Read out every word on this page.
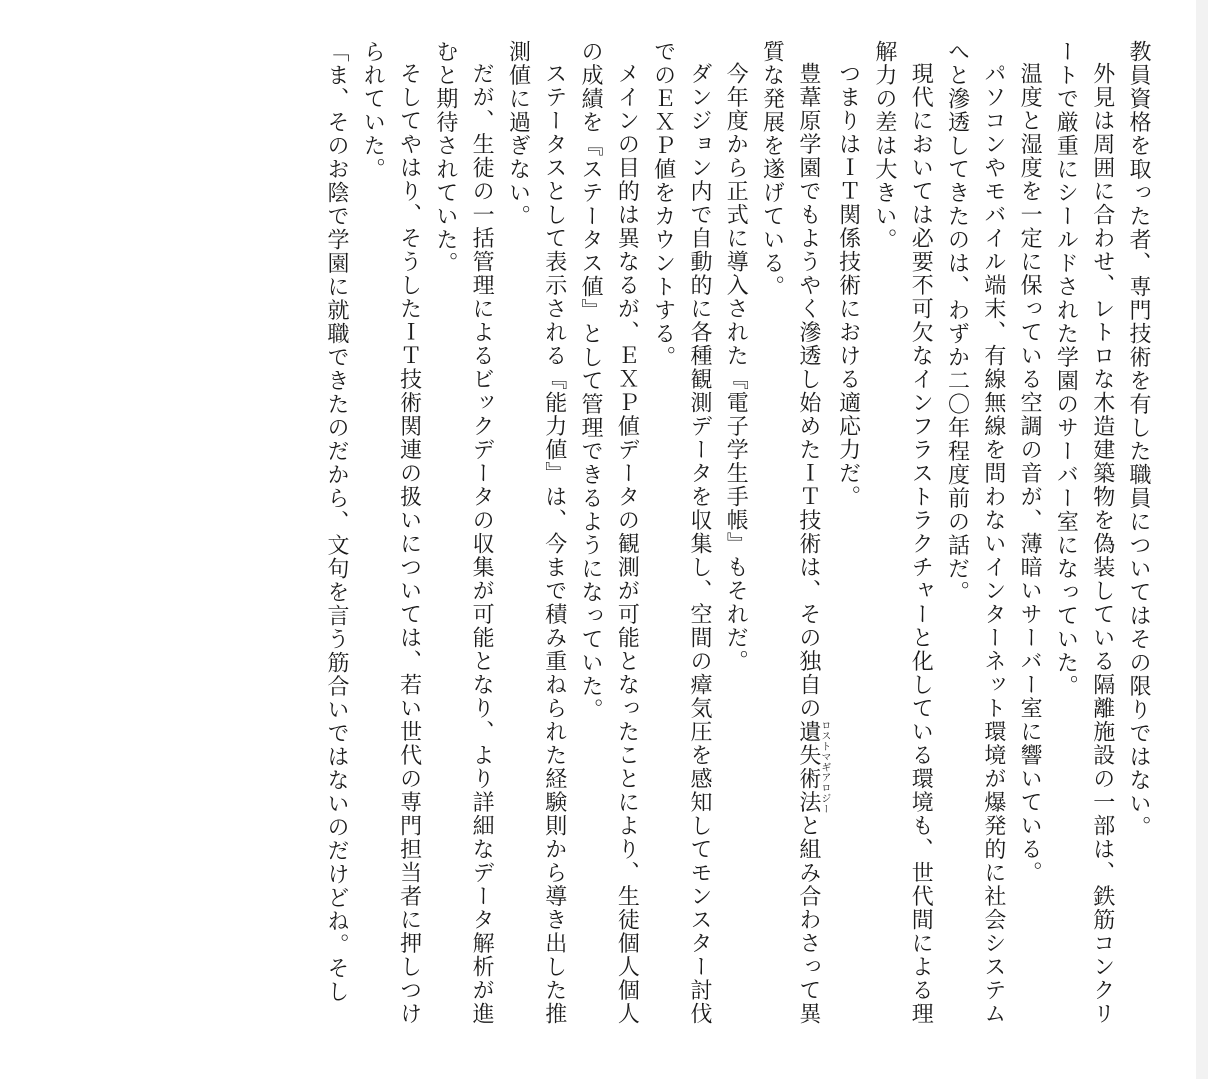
教員資格を取った者、専門技術を有した職員についてはその限りではない。

外見は周囲に合わせ、レトロな木造建築物を偽装している隔離施設の一部は、鉄筋コンクリートで厳重にシールドされた学園のサーバー室になっていた。

温度と湿度を一定に保っている空調の音が、薄暗いサーバー室に響いている。

パソコンやモバイル端末、有線無線を問わないインターネット環境が爆発的に社会システムへと滲透してきたのは、わずか二〇年程度前の話だ。

現代においては必要不可欠なインフラストラクチャーと化している環境も、世代間による理解力の差は大きい。

つまりはＩＴ関係技術における適応力だ。

豊葦原学園でもようやく滲透し始めたＩＴ技術は、その独自の遺失術法ロストマギアロジーと組み合わさって異質な発展を遂げている。

今年度から正式に導入された『電子学生手帳』もそれだ。

ダンジョン内で自動的に各種観測データを収集し、空間の瘴気圧を感知してモンスター討伐でのＥＸＰ値をカウントする。

メインの目的は異なるが、ＥＸＰ値データの観測が可能となったことにより、生徒個人個人の成績を『ステータス値』として管理できるようになっていた。

ステータスとして表示される『能力値』は、今まで積み重ねられた経験則から導き出した推測値に過ぎない。

だが、生徒の一括管理によるビックデータの収集が可能となり、より詳細なデータ解析が進むと期待されていた。

そしてやはり、そうしたＩＴ技術関連の扱いについては、若い世代の専門担当者に押しつけられていた。

「ま、そのお陰で学園に就職できたのだから、文句を言う筋合いではないのだけどね。そし
